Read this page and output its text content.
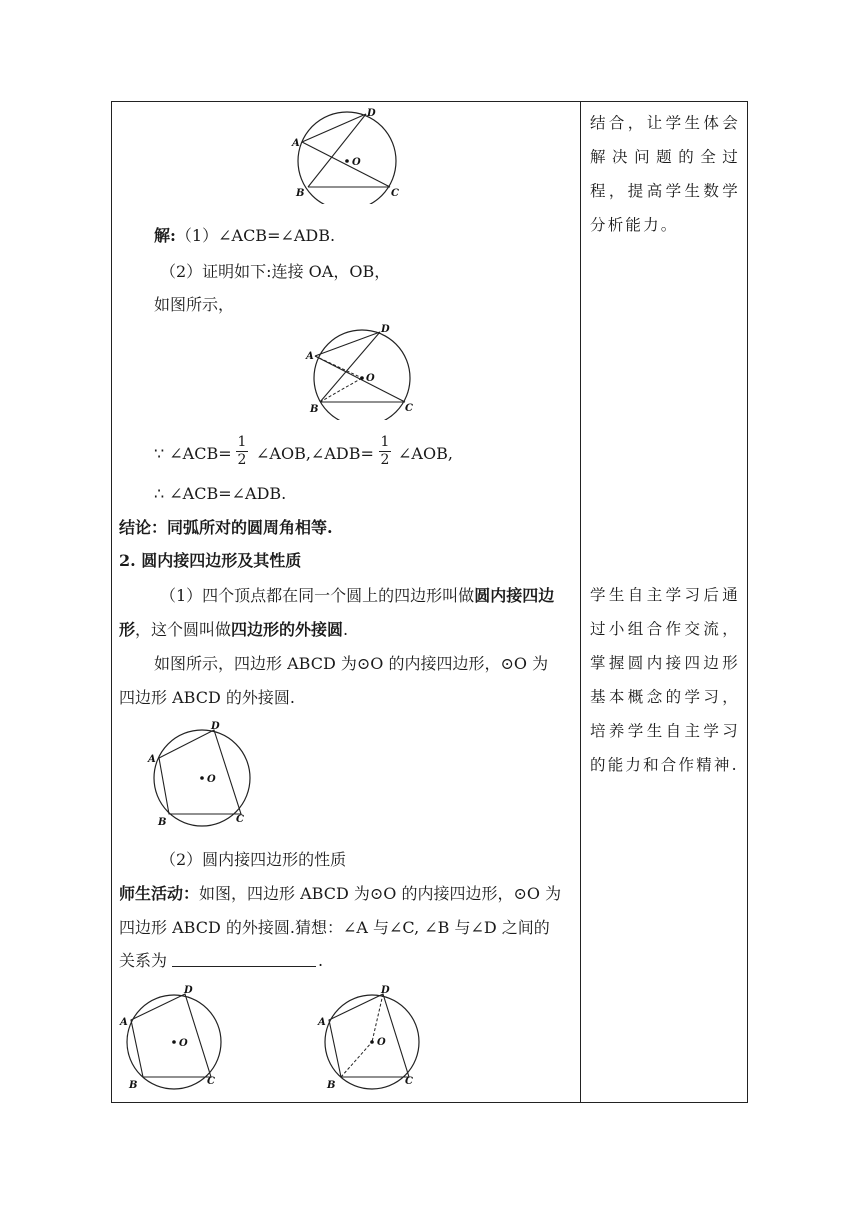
结合，让学生体会解决问题的全过程，提高学生数学分析能力。
学生自主学习后通过小组合作交流，掌握圆内接四边形基本概念的学习，培养学生自主学习的能力和合作精神.
A
D
B	C
O
解:（1）∠ACB=∠ADB.
（2）证明如下:连接 OA，OB，
如图所示，
A
D
B	C
O
∵ ∠ACB=
1
2 ∠AOB,∠ADB=
1
2 ∠AOB,
∴ ∠ACB=∠ADB.
结论：同弧所对的圆周角相等.
2. 圆内接四边形及其性质
（1）四个顶点都在同一个圆上的四边形叫做圆内接四边
形，这个圆叫做四边形的外接圆.
如图所示，四边形 ABCD 为⊙O 的内接四边形，⊙O 为
四边形 ABCD 的外接圆.
A
D
B	C
O
（2）圆内接四边形的性质
师生活动：如图，四边形 ABCD 为⊙O 的内接四边形，⊙O 为
四边形 ABCD 的外接圆.猜想：∠A 与∠C, ∠B 与∠D 之间的
关系为	.
A
D
B	C
O
A
D
B	C
O
